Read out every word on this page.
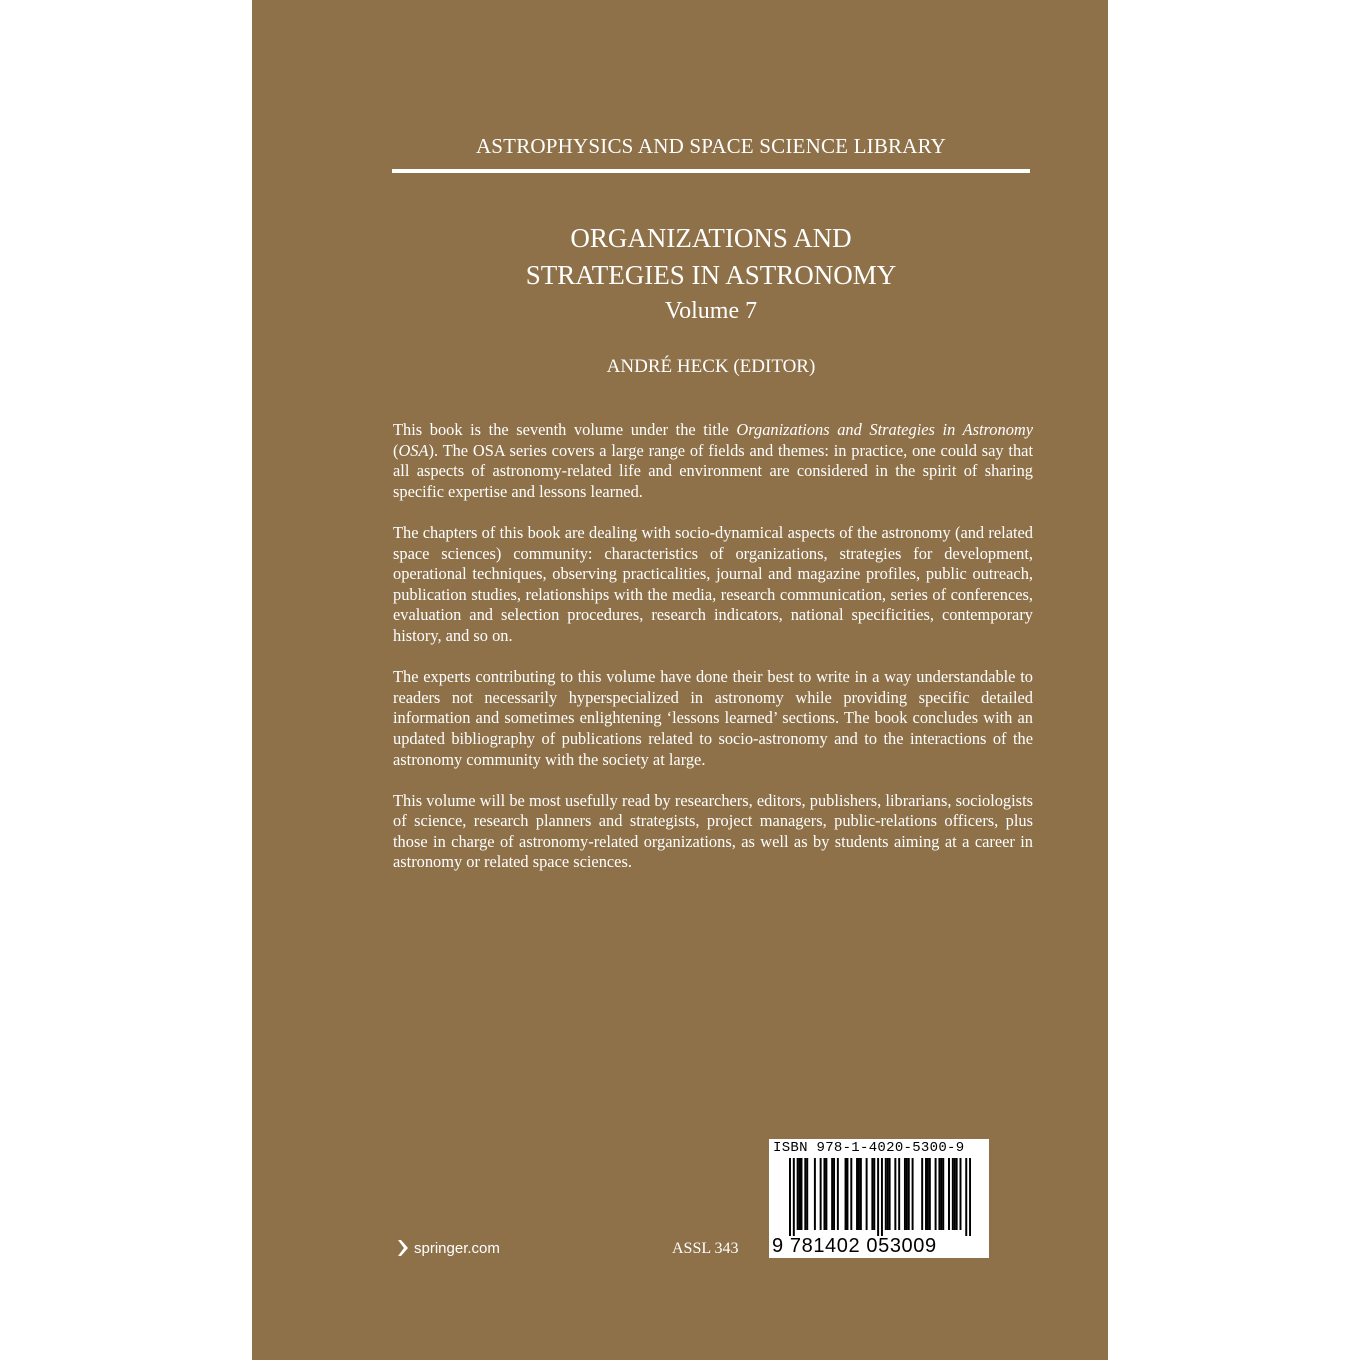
ASTROPHYSICS AND SPACE SCIENCE LIBRARY
ORGANIZATIONS AND
STRATEGIES IN ASTRONOMY
Volume 7
ANDRÉ HECK (EDITOR)

This book is the seventh volume under the title Organizations and Strategies in Astronomy (OSA). The OSA series covers a large range of fields and themes: in practice, one could say that all aspects of astronomy-related life and environment are considered in the spirit of sharing specific expertise and lessons learned.

The chapters of this book are dealing with socio-dynamical aspects of the astronomy (and related space sciences) community: characteristics of organizations, strategies for development, operational techniques, observing practicalities, journal and magazine profiles, public outreach, publication studies, relationships with the media, research communication, series of conferences, evaluation and selection procedures, research indicators, national specificities, contemporary history, and so on.

The experts contributing to this volume have done their best to write in a way understandable to readers not necessarily hyperspecialized in astronomy while providing specific detailed information and sometimes enlightening ‘lessons learned’ sections. The book concludes with an updated bibliography of publications related to socio-astronomy and to the interactions of the astronomy community with the society at large.

This volume will be most usefully read by researchers, editors, publishers, librarians, sociologists of science, research planners and strategists, project managers, public-relations officers, plus those in charge of astronomy-related organizations, as well as by students aiming at a career in astronomy or related space sciences.

springer.com	ASSL 343
ISBN 978-1-4020-5300-9
9 781402 053009
